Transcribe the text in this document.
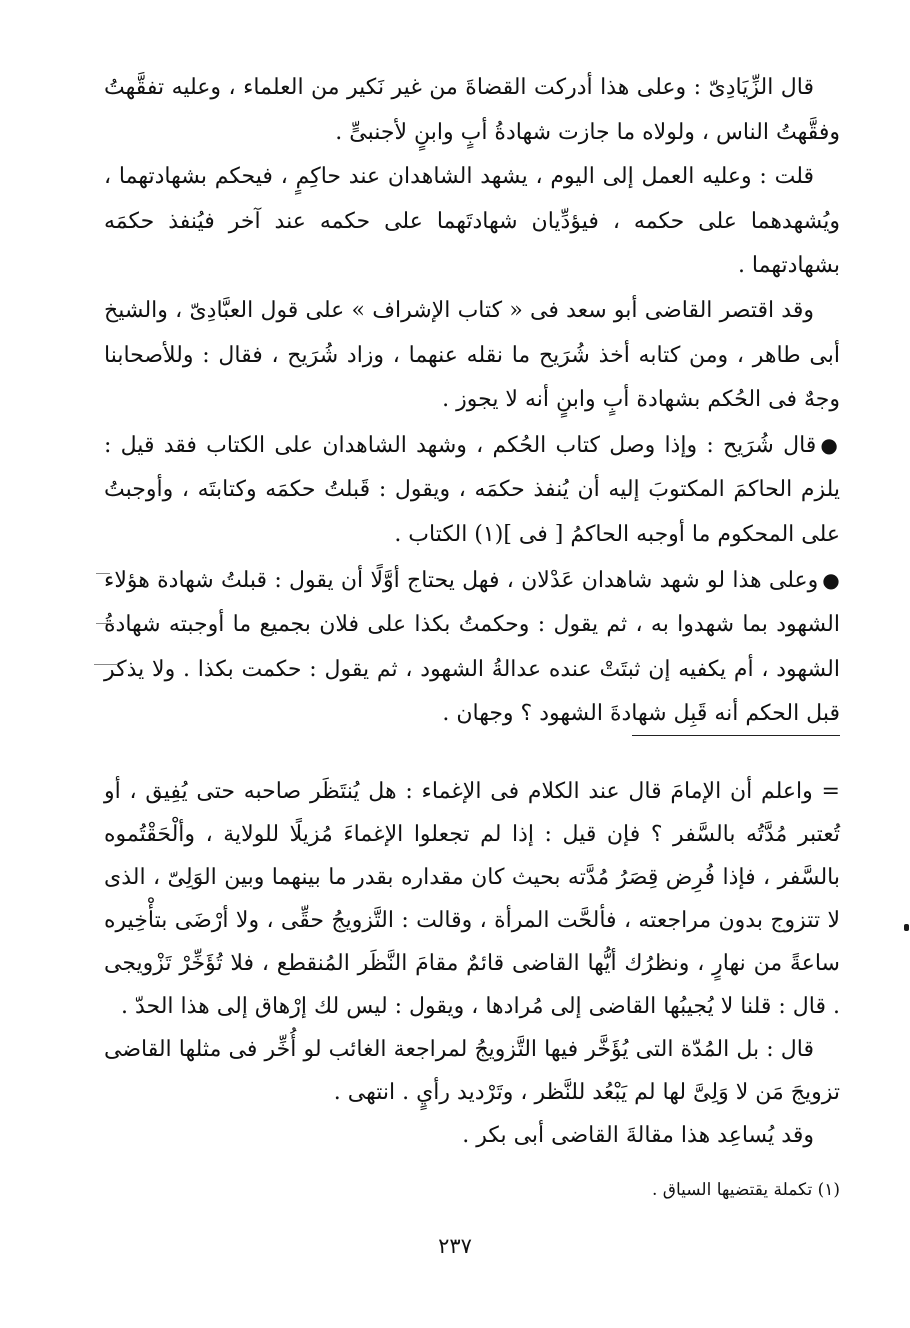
قال الزِّيَادِىّ : وعلى هذا أدركت القضاةَ من غير نَكير من العلماء ، وعليه تفقَّهتُ وفقَّهتُ الناس ، ولولاه ما جازت شهادةُ أبٍ وابنٍ لأجنبىٍّ .

قلت : وعليه العمل إلى اليوم ، يشهد الشاهدان عند حاكِمٍ ، فيحكم بشهادتهما ، ويُشهدهما على حكمه ، فيؤدِّيان شهادتَهما على حكمه عند آخر فيُنفذ حكمَه بشهادتهما .

وقد اقتصر القاضى أبو سعد فى « كتاب الإشراف » على قول العبَّادِىّ ، والشيخ أبى طاهر ، ومن كتابه أخذ شُرَيح ما نقله عنهما ، وزاد شُرَيح ، فقال : وللأصحابنا وجهٌ فى الحُكم بشهادة أبٍ وابنٍ أنه لا يجوز .

●قال شُرَيح : وإذا وصل كتاب الحُكم ، وشهد الشاهدان على الكتاب فقد قيل : يلزم الحاكمَ المكتوبَ إليه أن يُنفذ حكمَه ، ويقول : قَبلتُ حكمَه وكتابتَه ، وأوجبتُ على المحكوم ما أوجبه الحاكمُ [ فى ](١) الكتاب .

●وعلى هذا لو شهد شاهدان عَدْلان ، فهل يحتاج أوَّلًا أن يقول : قبلتُ شهادة هؤلاء الشهود بما شهدوا به ، ثم يقول : وحكمتُ بكذا على فلان بجميع ما أوجبته شهادةُ الشهود ، أم يكفيه إن ثبتَتْ عنده عدالةُ الشهود ، ثم يقول : حكمت بكذا . ولا يذكر قبل الحكم أنه قَبِل شهادةَ الشهود ؟ وجهان .

= واعلم أن الإمامَ قال عند الكلام فى الإغماء : هل يُنتَظَر صاحبه حتى يُفِيق ، أو تُعتبر مُدَّتُه بالسَّفر ؟ فإن قيل : إذا لم تجعلوا الإغماءَ مُزيلًا للولاية ، وألْحَقْتُموه بالسَّفر ، فإذا فُرِض قِصَرُ مُدَّته بحيث كان مقداره بقدر ما بينهما وبين الوَلِىّ ، الذى لا تتزوج بدون مراجعته ، فألحَّت المرأة ، وقالت : التَّزويجُ حقِّى ، ولا أرْضَى بتأْخِيره ساعةً من نهارٍ ، ونظرُك أيُّها القاضى قائمٌ مقامَ النَّظَر المُنقطع ، فلا تُؤَخِّرْ تَزْويجى . قال : قلنا لا يُجيبُها القاضى إلى مُرادها ، ويقول : ليس لك إرْهاق إلى هذا الحدّ .

قال : بل المُدّة التى يُؤَخَّر فيها التَّزويجُ لمراجعة الغائب لو أُخِّر فى مثلها القاضى تزويجَ مَن لا وَلِىَّ لها لم يَبْعُد للنَّظر ، وتَرْديد رأيٍ . انتهى .

وقد يُساعِد هذا مقالةَ القاضى أبى بكر .

(١) تكملة يقتضيها السياق .
٢٣٧
